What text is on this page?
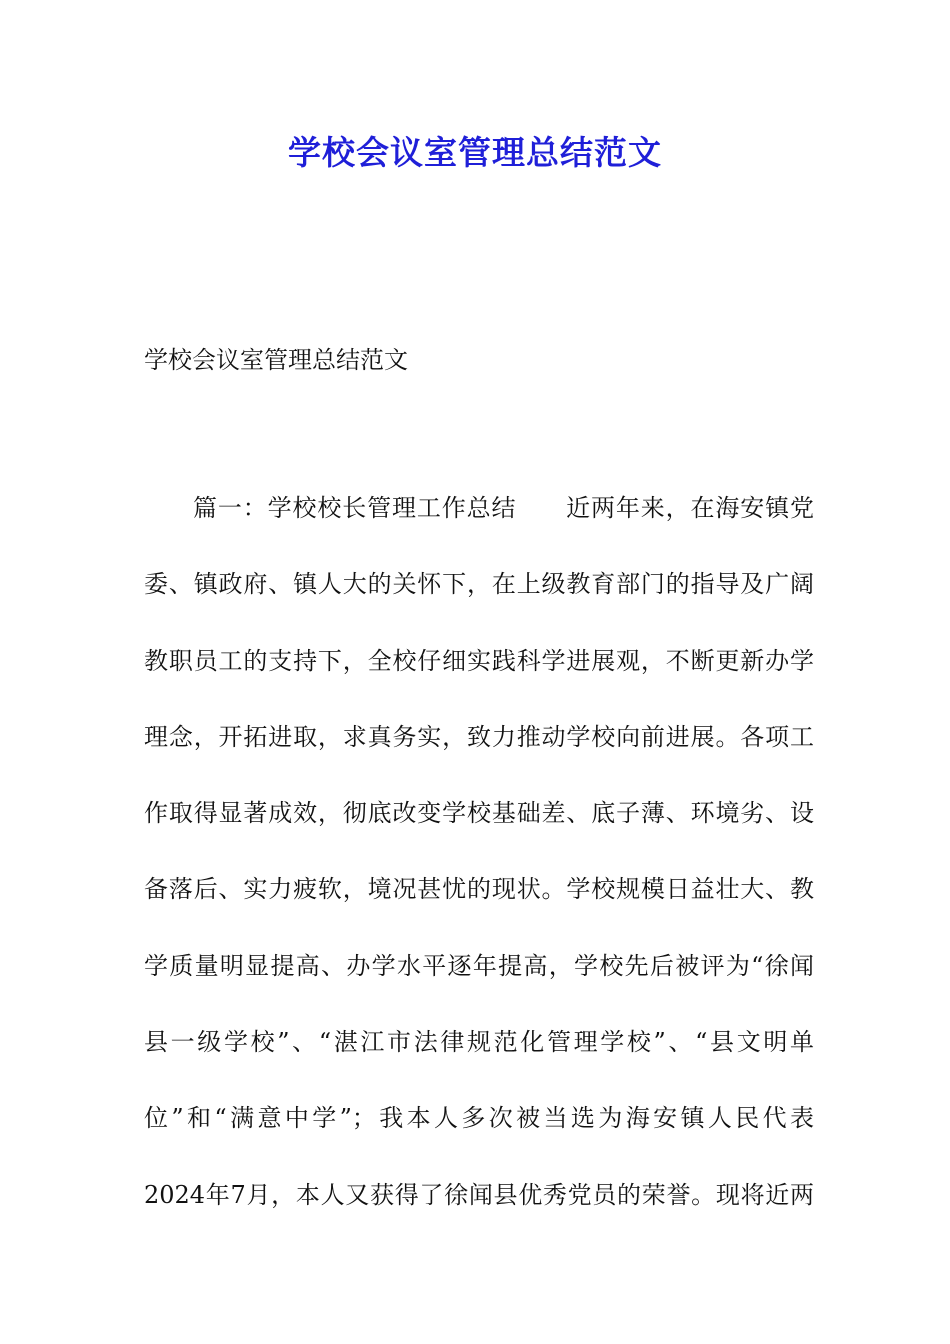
学校会议室管理总结范文

学校会议室管理总结范文

篇一：学校校长管理工作总结　　近两年来，在海安镇党
委、镇政府、镇人大的关怀下，在上级教育部门的指导及广阔
教职员工的支持下，全校仔细实践科学进展观，不断更新办学
理念，开拓进取，求真务实，致力推动学校向前进展。各项工
作取得显著成效，彻底改变学校基础差、底子薄、环境劣、设
备落后、实力疲软，境况甚忧的现状。学校规模日益壮大、教
学质量明显提高、办学水平逐年提高，学校先后被评为“徐闻
县一级学校”、“湛江市法律规范化管理学校”、“县文明单
位”和“满意中学”；我本人多次被当选为海安镇人民代表
2024年7月，本人又获得了徐闻县优秀党员的荣誉。现将近两
